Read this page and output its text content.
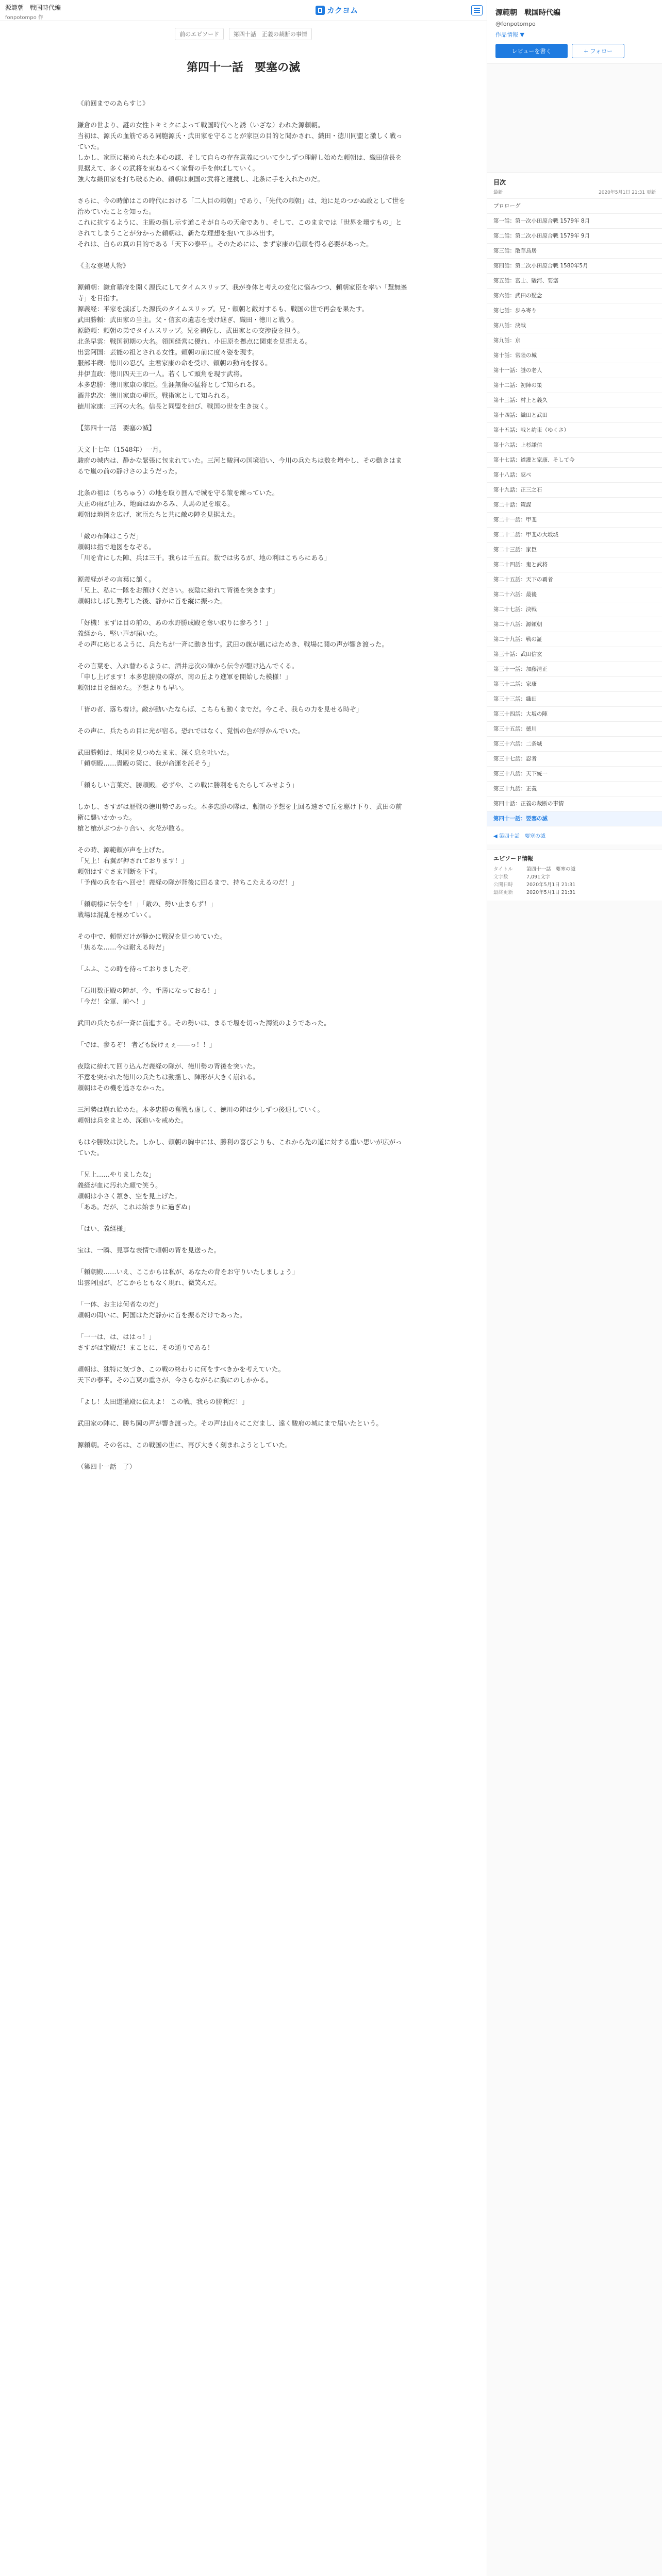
源範朝　戦国時代編
fonpotompo 作
カクヨム
前のエピソード	第四十話　正義の裁断の事情
第四十一話　要塞の滅

《前回までのあらすじ》

鎌倉の世より、謎の女性トキミクによって戦国時代へと誘（いざな）われた源頼朝。
当初は、源氏の血筋である同胞源氏・武田家を守ることが家臣の目的と聞かされ、織田・徳川同盟と激しく戦っていた。
しかし、家臣に秘められた本心の謀、そして自らの存在意義について少しずつ理解し始めた頼朝は、織田信長を見据えて、多くの武将を束ねるべく家督の手を伸ばしていく。
強大な織田家を打ち破るため、頼朝は東国の武将と連携し、北条に手を入れたのだ。

さらに、今の時節はこの時代における「二人目の頼朝」であり、「先代の頼朝」は、地に足のつかぬ政として世を治めていたことを知った。
これに抗するように、主殿の指し示す道こそが自らの天命であり、そして、このままでは「世界を壊すもの」とされてしまうことが分かった頼朝は、新たな理想を抱いて歩み出す。
それは、自らの真の目的である「天下の泰平」。そのためには、まず家康の信頼を得る必要があった。

《主な登場人物》

源頼朝：鎌倉幕府を開く源氏にしてタイムスリップ、我が身体と考えの変化に悩みつつ、頼朝家臣を率い「慧無峯寺」を目指す。
源義経：平家を滅ぼした源氏のタイムスリップ。兄・頼朝と敵対するも、戦国の世で再会を果たす。
武田勝頼：武田家の当主。父・信玄の遺志を受け継ぎ、織田・徳川と戦う。
源範頼：頼朝の弟でタイムスリップ。兄を補佐し、武田家との交渉役を担う。
北条早雲：戦国初期の大名。領国経営に優れ、小田原を拠点に関東を見据える。
出雲阿国：芸能の祖とされる女性。頼朝の前に度々姿を現す。
服部半蔵：徳川の忍び。主君家康の命を受け、頼朝の動向を探る。
井伊直政：徳川四天王の一人。若くして頭角を現す武将。
本多忠勝：徳川家康の家臣。生涯無傷の猛将として知られる。
酒井忠次：徳川家康の重臣。戦術家として知られる。
徳川家康：三河の大名。信長と同盟を結び、戦国の世を生き抜く。

【第四十一話　要塞の滅】

天文十七年（1548年）一月。
駿府の城内は、静かな緊張に包まれていた。三河と駿河の国境沿い、今川の兵たちは数を増やし、その動きはまるで嵐の前の静けさのようだった。

北条の祖は（ちちゅう）の地を取り囲んで城を守る策を練っていた。
天正の雨が止み、地面はぬかるみ、人馬の足を取る。
頼朝は地図を広げ、家臣たちと共に敵の陣を見据えた。

「敵の布陣はこうだ」
頼朝は指で地図をなぞる。
「川を背にした陣、兵は三千。我らは千五百。数では劣るが、地の利はこちらにある」

源義経がその言葉に頷く。
「兄上、私に一隊をお預けください。夜陰に紛れて背後を突きます」
頼朝はしばし黙考した後、静かに首を縦に振った。

「好機！まずは目の前の、あの水野勝成殿を奪い取りに参ろう！」
義経から、堅い声が届いた。
その声に応じるように、兵たちが一斉に動き出す。武田の旗が風にはためき、戦場に鬨の声が響き渡った。

その言葉を、入れ替わるように、酒井忠次の陣から伝令が駆け込んでくる。
「申し上げます！本多忠勝殿の隊が、南の丘より進軍を開始した模様！」
頼朝は目を細めた。予想よりも早い。

「皆の者、落ち着け。敵が動いたならば、こちらも動くまでだ。今こそ、我らの力を見せる時ぞ」

その声に、兵たちの目に光が宿る。恐れではなく、覚悟の色が浮かんでいた。

武田勝頼は、地図を見つめたまま、深く息を吐いた。
「頼朝殿……貴殿の策に、我が命運を託そう」

「頼もしい言葉だ、勝頼殿。必ずや、この戦に勝利をもたらしてみせよう」

しかし、さすがは歴戦の徳川勢であった。本多忠勝の隊は、頼朝の予想を上回る速さで丘を駆け下り、武田の前衛に襲いかかった。
槍と槍がぶつかり合い、火花が散る。

その時、源範頼が声を上げた。
「兄上！右翼が押されております！」
頼朝はすぐさま判断を下す。
「予備の兵を右へ回せ！義経の隊が背後に回るまで、持ちこたえるのだ！」

「頼朝様に伝令を！」「敵の、勢い止まらず！」
戦場は混乱を極めていく。

その中で、頼朝だけが静かに戦況を見つめていた。
「焦るな……今は耐える時だ」

「ふふ、この時を待っておりましたぞ」

「石川数正殿の陣が、今、手薄になっておる！」
「今だ！全軍、前へ！」

武田の兵たちが一斉に前進する。その勢いは、まるで堰を切った濁流のようであった。

「では、参るぞ！ 者ども続けぇぇ――っ！！」

夜陰に紛れて回り込んだ義経の隊が、徳川勢の背後を突いた。
不意を突かれた徳川の兵たちは動揺し、陣形が大きく崩れる。
頼朝はその機を逃さなかった。

三河勢は崩れ始めた。本多忠勝の奮戦も虚しく、徳川の陣は少しずつ後退していく。
頼朝は兵をまとめ、深追いを戒めた。

もはや勝敗は決した。しかし、頼朝の胸中には、勝利の喜びよりも、これから先の道に対する重い思いが広がっていた。

「兄上……やりましたな」
義経が血に汚れた顔で笑う。
頼朝は小さく頷き、空を見上げた。
「ああ。だが、これは始まりに過ぎぬ」

「はい、義経様」

宝は、一瞬、見事な表情で頼朝の背を見送った。

「頼朝殿……いえ、ここからは私が、あなたの背をお守りいたしましょう」
出雲阿国が、どこからともなく現れ、微笑んだ。

「一体、お主は何者なのだ」
頼朝の問いに、阿国はただ静かに首を振るだけであった。

「一一は、は、ははっ！」
さすがは宝殿だ！まことに、その通りである！

頼朝は、独特に気づき、この戦の終わりに何をすべきかを考えていた。
天下の泰平。その言葉の重さが、今さらながらに胸にのしかかる。

「よし！太田道灌殿に伝えよ！ この戦、我らの勝利だ！」

武田家の陣に、勝ち鬨の声が響き渡った。その声は山々にこだまし、遠く駿府の城にまで届いたという。

源頼朝。その名は、この戦国の世に、再び大きく刻まれようとしていた。

（第四十一話　了）

源範朝　戦国時代編
@fonpotompo
作品情報 ▼
レビューを書く	+ フォロー
目次
最新	2020年5月1日 21:31 更新
プロローグ
第一話：第一次小田原合戦 1579年 8月
第二話：第二次小田原合戦 1579年 9月
第三話：散華鳥居
第四話：第二次小田原合戦 1580年5月
第五話：富士、駿河、要塞
第六話：武田の疑念
第七話：歩み寄り
第八話：決戦
第九話：京
第十話：常陸の城
第十一話：謎の老人
第十二話：初陣の策
第十三話：村上と義久
第十四話：織田と武田
第十五話：戦と約束（ゆくさ）
第十六話：上杉謙信
第十七話：道灌と家康、そして今
第十八話：忍べ
第十九話：正三之石
第二十話：策謀
第二十一話：甲斐
第二十二話：甲斐の大坂城
第二十三話：家臣
第二十四話：鬼と武将
第二十五話：天下の覇者
第二十六話：最後
第二十七話：決戦
第二十八話：源頼朝
第二十九話：戦の証
第三十話：武田信玄
第三十一話：加藤清正
第三十二話：家康
第三十三話：織田
第三十四話：大坂の陣
第三十五話：徳川
第三十六話：二条城
第三十七話：忍者
第三十八話：天下統一
第三十九話：正義
第四十話：正義の裁断の事情
第四十一話：要塞の滅
◀ 第四十話 要塞の滅
エピソード情報
タイトル	第四十一話　要塞の滅
文字数	7,091文字
公開日時	2020年5月1日 21:31
最終更新	2020年5月1日 21:31
